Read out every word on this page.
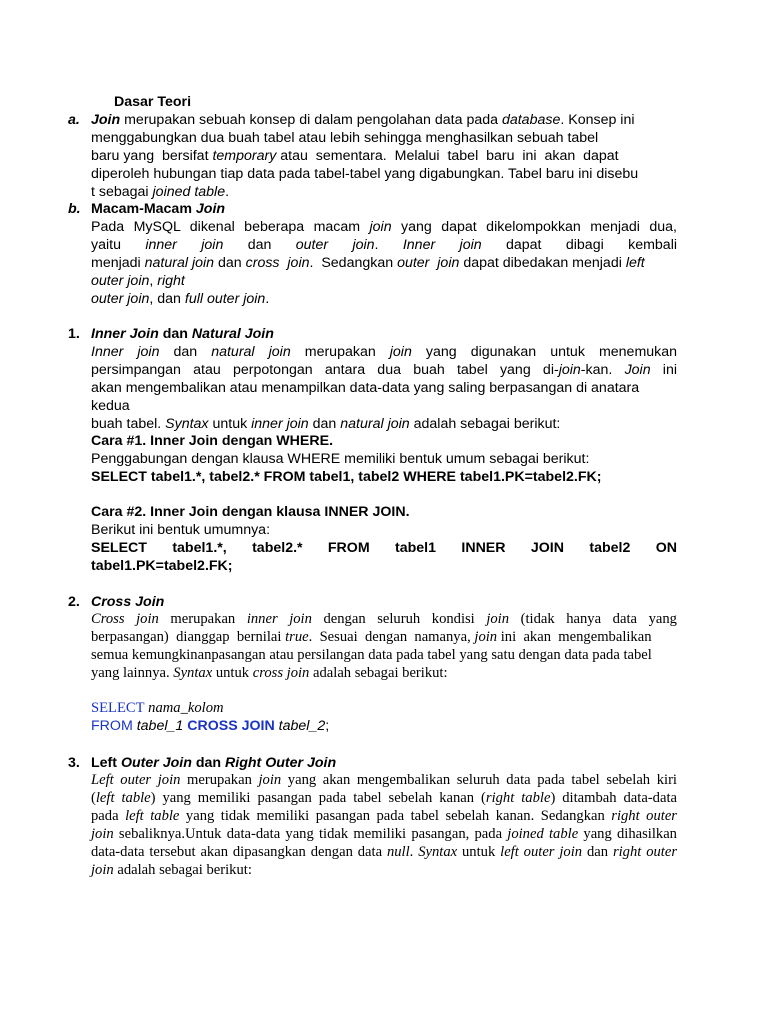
Dasar Teori
a. Join merupakan sebuah konsep di dalam pengolahan data pada database. Konsep ini
menggabungkan dua buah tabel atau lebih sehingga menghasilkan sebuah tabel
baru yang  bersifat temporary atau  sementara.  Melalui  tabel  baru  ini  akan  dapat
diperoleh hubungan tiap data pada tabel-tabel yang digabungkan. Tabel baru ini disebu
t sebagai joined table.
b. Macam-Macam Join
Pada MySQL dikenal beberapa macam join yang dapat dikelompokkan menjadi dua,
yaitu inner join dan outer join. Inner join dapat dibagi kembali
menjadi natural join dan cross  join.  Sedangkan outer  join dapat dibedakan menjadi left
outer join, right
outer join, dan full outer join.
1. Inner Join dan Natural Join
Inner join dan natural join merupakan join yang digunakan untuk menemukan
persimpangan atau perpotongan antara dua buah tabel yang di-join-kan. Join ini
akan mengembalikan atau menampilkan data-data yang saling berpasangan di anatara
kedua
buah tabel. Syntax untuk inner join dan natural join adalah sebagai berikut:
Cara #1. Inner Join dengan WHERE.
Penggabungan dengan klausa WHERE memiliki bentuk umum sebagai berikut:
SELECT tabel1.*, tabel2.* FROM tabel1, tabel2 WHERE tabel1.PK=tabel2.FK;
Cara #2. Inner Join dengan klausa INNER JOIN.
Berikut ini bentuk umumnya:
SELECT tabel1.*, tabel2.* FROM tabel1 INNER JOIN tabel2 ON
tabel1.PK=tabel2.FK;
2. Cross Join
Cross join merupakan inner join dengan seluruh kondisi join (tidak hanya data yang
berpasangan)  dianggap  bernilai true.  Sesuai  dengan  namanya, join ini  akan  mengembalikan
semua kemungkinanpasangan atau persilangan data pada tabel yang satu dengan data pada tabel
yang lainnya. Syntax untuk cross join adalah sebagai berikut:
SELECT nama_kolom
FROM tabel_1 CROSS JOIN tabel_2;
3. Left Outer Join dan Right Outer Join
Left outer join merupakan join yang akan mengembalikan seluruh data pada tabel sebelah kiri
(left table) yang memiliki pasangan pada tabel sebelah kanan (right table) ditambah data-data
pada left table yang tidak memiliki pasangan pada tabel sebelah kanan. Sedangkan right outer
join sebaliknya.Untuk data-data yang tidak memiliki pasangan, pada joined table yang dihasilkan
data-data tersebut akan dipasangkan dengan data null. Syntax untuk left outer join dan right outer
join adalah sebagai berikut:
